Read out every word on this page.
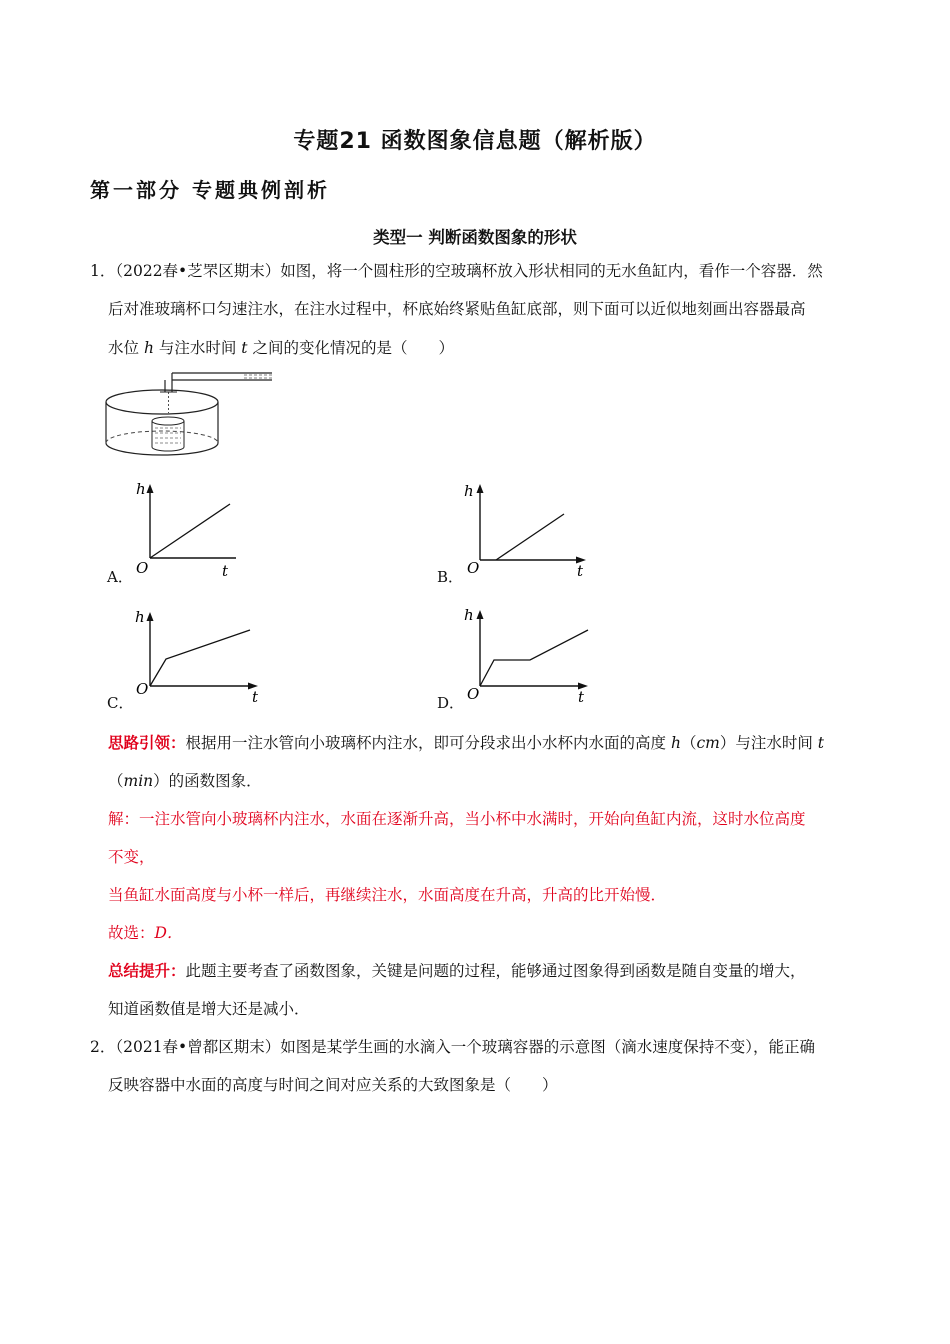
专题21 函数图象信息题（解析版）
第一部分 专题典例剖析
类型一 判断函数图象的形状
1．（2022春•芝罘区期末）如图，将一个圆柱形的空玻璃杯放入形状相同的无水鱼缸内，看作一个容器．然
后对准玻璃杯口匀速注水，在注水过程中，杯底始终紧贴鱼缸底部，则下面可以近似地刻画出容器最高
水位 h 与注水时间 t 之间的变化情况的是（　　）
h
O	t
A．
h
O	t
B．
h
O	t
C．
h
O	t
D．
思路引领：根据用一注水管向小玻璃杯内注水，即可分段求出小水杯内水面的高度 h（cm）与注水时间 t
（min）的函数图象．
解：一注水管向小玻璃杯内注水，水面在逐渐升高，当小杯中水满时，开始向鱼缸内流，这时水位高度
不变，
当鱼缸水面高度与小杯一样后，再继续注水，水面高度在升高，升高的比开始慢．
故选：D．
总结提升：此题主要考查了函数图象，关键是问题的过程，能够通过图象得到函数是随自变量的增大，
知道函数值是增大还是减小．
2．（2021春•曾都区期末）如图是某学生画的水滴入一个玻璃容器的示意图（滴水速度保持不变），能正确
反映容器中水面的高度与时间之间对应关系的大致图象是（　　）
